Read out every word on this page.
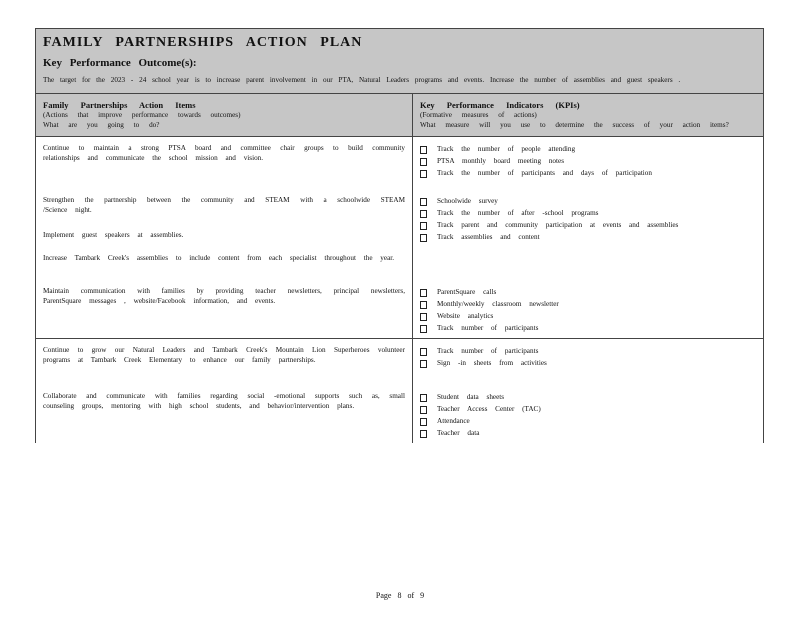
FAMILY PARTNERSHIPS ACTION PLAN
Key Performance Outcome(s):
The target for the 2023 - 24 school year is to increase parent involvement in our PTA, Natural Leaders programs and events. Increase the number of assemblies and guest speakers .
Family Partnerships Action Items
(Actions that improve performance towards outcomes)
What are you going to do?
Key Performance Indicators (KPIs)
(Formative measures of actions)
What measure will you use to determine the success of your action items?
Continue to maintain a strong PTSA board and committee chair groups to build community relationships and communicate the school mission and vision.
Strengthen the partnership between the community and STEAM with a schoolwide STEAM /Science night.
Implement guest speakers at assemblies.
Increase Tambark Creek's assemblies to include content from each specialist throughout the year.
Maintain communication with families by providing teacher newsletters, principal newsletters, ParentSquare messages , website/Facebook information, and events.
Track the number of people attending
PTSA monthly board meeting notes
Track the number of participants and days of participation
Schoolwide survey
Track the number of after -school programs
Track parent and community participation at events and assemblies
Track assemblies and content
ParentSquare calls
Monthly/weekly classroom newsletter
Website analytics
Track number of participants
Continue to grow our Natural Leaders and Tambark Creek's Mountain Lion Superheroes volunteer programs at Tambark Creek Elementary to enhance our family partnerships.
Collaborate and communicate with families regarding social -emotional supports such as, small counseling groups, mentoring with high school students, and behavior/intervention plans.
Track number of participants
Sign -in sheets from activities
Student data sheets
Teacher Access Center (TAC)
Attendance
Teacher data
Page 8 of 9
